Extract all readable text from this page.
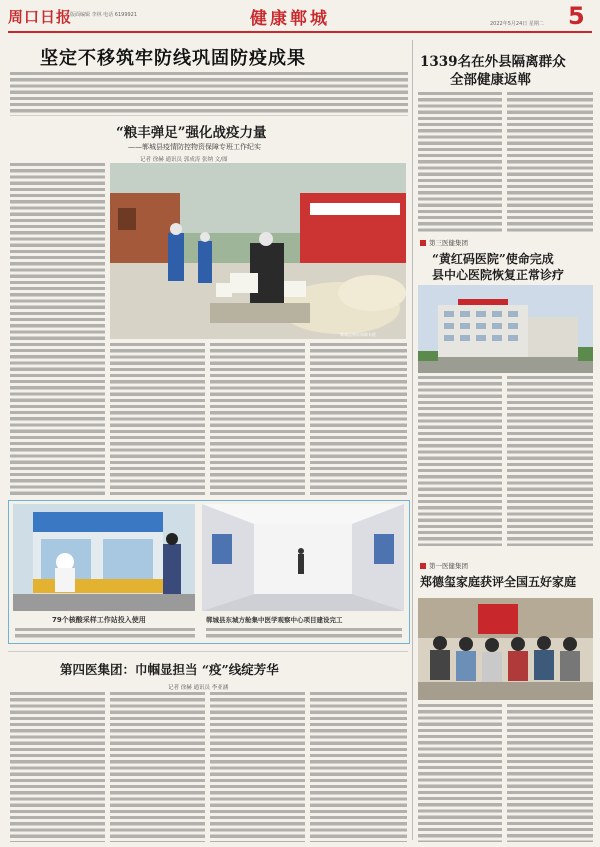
周口日报
版面编辑 李林 电话 6199921	健康郸城	2022年5月24日 星期二 5
坚定不移筑牢防线巩固防疫成果
“粮丰弹足”强化战疫力量
——郸城县疫情防控物资保障专班工作纪实
记者 徐赫 通讯员 郭成涛 张纳 文/图
郸城县物资保障专班
79个核酸采样工作站投入使用	郸城县东城方舱集中医学观察中心项目建设完工
第四医集团：巾帼显担当 “疫”线绽芳华
记者 徐赫 通讯员 李亚涵
1339名在外县隔离群众
全部健康返郸
第三医健集团
“黄红码医院”使命完成
县中心医院恢复正常诊疗
第一医健集团
郑德玺家庭获评全国五好家庭
